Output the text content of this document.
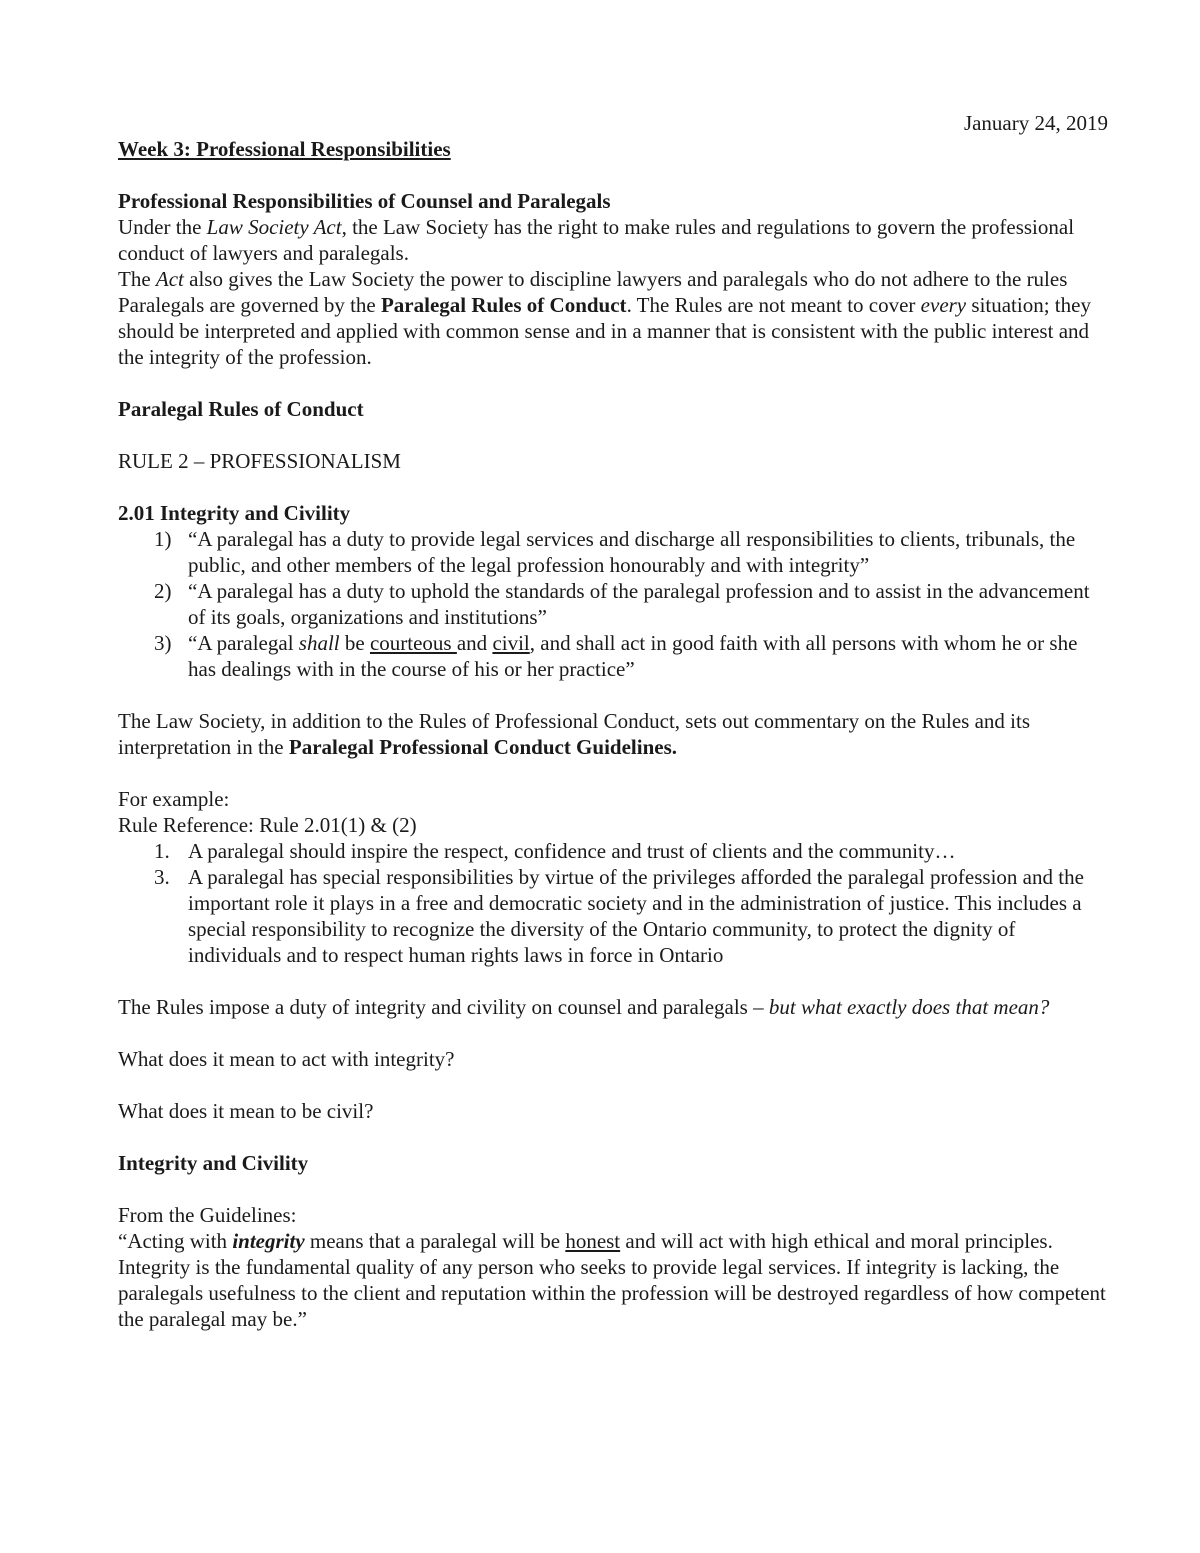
January 24, 2019

Week 3: Professional Responsibilities

Professional Responsibilities of Counsel and Paralegals

Under the Law Society Act, the Law Society has the right to make rules and regulations to govern the professional conduct of lawyers and paralegals.

The Act also gives the Law Society the power to discipline lawyers and paralegals who do not adhere to the rules

Paralegals are governed by the Paralegal Rules of Conduct. The Rules are not meant to cover every situation; they should be interpreted and applied with common sense and in a manner that is consistent with the public interest and the integrity of the profession.

Paralegal Rules of Conduct

RULE 2 – PROFESSIONALISM

2.01 Integrity and Civility

1) “A paralegal has a duty to provide legal services and discharge all responsibilities to clients, tribunals, the public, and other members of the legal profession honourably and with integrity”
2) “A paralegal has a duty to uphold the standards of the paralegal profession and to assist in the advancement of its goals, organizations and institutions”
3) “A paralegal shall be courteous and civil, and shall act in good faith with all persons with whom he or she has dealings with in the course of his or her practice”

The Law Society, in addition to the Rules of Professional Conduct, sets out commentary on the Rules and its interpretation in the Paralegal Professional Conduct Guidelines.

For example:

Rule Reference: Rule 2.01(1) & (2)

1. A paralegal should inspire the respect, confidence and trust of clients and the community…
3. A paralegal has special responsibilities by virtue of the privileges afforded the paralegal profession and the important role it plays in a free and democratic society and in the administration of justice. This includes a special responsibility to recognize the diversity of the Ontario community, to protect the dignity of individuals and to respect human rights laws in force in Ontario

The Rules impose a duty of integrity and civility on counsel and paralegals – but what exactly does that mean?

What does it mean to act with integrity?

What does it mean to be civil?

Integrity and Civility

From the Guidelines:

“Acting with integrity means that a paralegal will be honest and will act with high ethical and moral principles. Integrity is the fundamental quality of any person who seeks to provide legal services. If integrity is lacking, the paralegals usefulness to the client and reputation within the profession will be destroyed regardless of how competent the paralegal may be.”
